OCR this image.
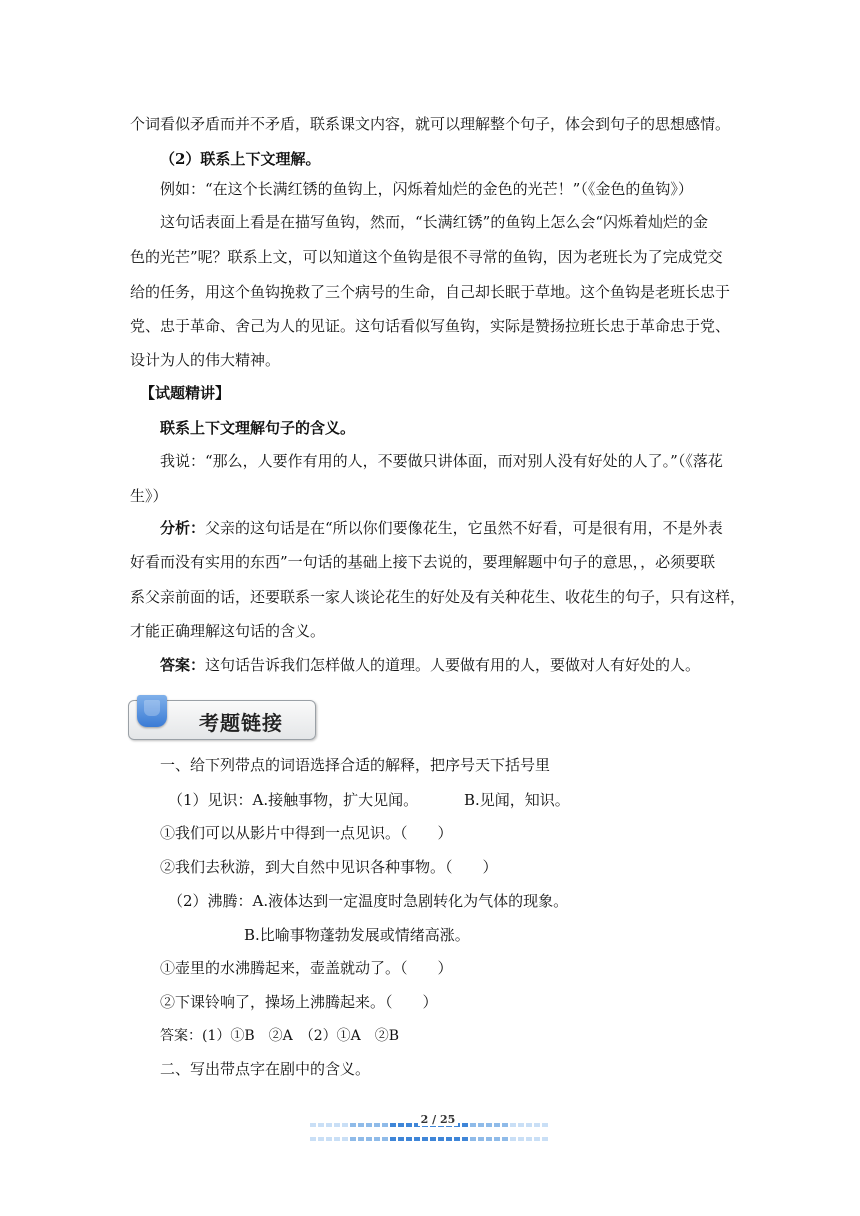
个词看似矛盾而并不矛盾，联系课文内容，就可以理解整个句子，体会到句子的思想感情。
（2）联系上下文理解。
例如：“在这个长满红锈的鱼钩上，闪烁着灿烂的金色的光芒！”（《金色的鱼钩》）
这句话表面上看是在描写鱼钩，然而，“长满红锈”的鱼钩上怎么会“闪烁着灿烂的金
色的光芒”呢？联系上文，可以知道这个鱼钩是很不寻常的鱼钩，因为老班长为了完成党交
给的任务，用这个鱼钩挽救了三个病号的生命，自己却长眠于草地。这个鱼钩是老班长忠于
党、忠于革命、舍己为人的见证。这句话看似写鱼钩，实际是赞扬拉班长忠于革命忠于党、
设计为人的伟大精神。
【试题精讲】
联系上下文理解句子的含义。
我说：“那么，人要作有用的人，不要做只讲体面，而对别人没有好处的人了。”（《落花
生》）
分析：父亲的这句话是在“所以你们要像花生，它虽然不好看，可是很有用，不是外表
好看而没有实用的东西”一句话的基础上接下去说的，要理解题中句子的意思，，必须要联
系父亲前面的话，还要联系一家人谈论花生的好处及有关种花生、收花生的句子，只有这样，
才能正确理解这句话的含义。
答案：这句话告诉我们怎样做人的道理。人要做有用的人，要做对人有好处的人。
考题链接
一、给下列带点的词语选择合适的解释，把序号天下括号里
（1）见识：A.接触事物，扩大见闻。	B.见闻，知识。
①我们可以从影片中得到一点见识。（　　）
②我们去秋游，到大自然中见识各种事物。（　　）
（2）沸腾：A.液体达到一定温度时急剧转化为气体的现象。
B.比喻事物蓬勃发展或情绪高涨。
①壶里的水沸腾起来，壶盖就动了。（　　）
②下课铃响了，操场上沸腾起来。（　　）
答案：(1）①B　②A　（2）①A　②B
二、写出带点字在剧中的含义。
2 / 25
